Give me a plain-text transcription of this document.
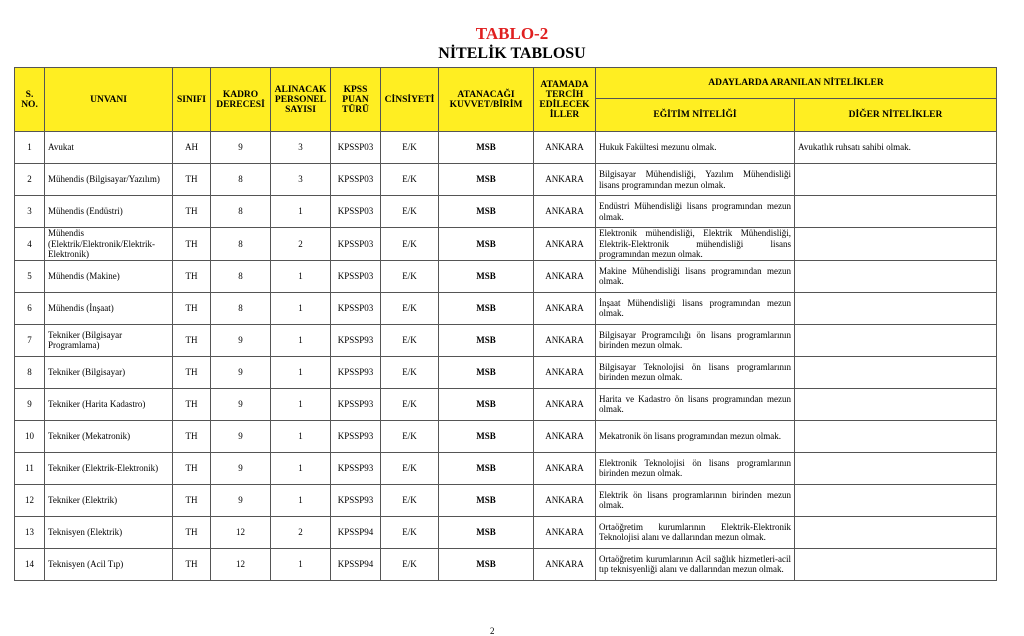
TABLO-2
NİTELİK TABLOSU
S. NO.	UNVANI	SINIFI	KADRO DERECESİ	ALINACAK PERSONEL SAYISI	KPSS PUAN TÜRÜ	CİNSİYETİ	ATANACAĞI KUVVET/BİRİM	ATAMADA TERCİH EDİLECEK İLLER	ADAYLARDA ARANILAN NİTELİKLER	
									EĞİTİM NİTELİĞİ	DİĞER NİTELİKLER
1	Avukat	AH	9	3	KPSSP03	E/K	MSB	ANKARA	Hukuk Fakültesi mezunu olmak.	Avukatlık ruhsatı sahibi olmak.
2	Mühendis (Bilgisayar/Yazılım)	TH	8	3	KPSSP03	E/K	MSB	ANKARA	Bilgisayar Mühendisliği, Yazılım Mühendisliği lisans programından mezun olmak.	
3	Mühendis (Endüstri)	TH	8	1	KPSSP03	E/K	MSB	ANKARA	Endüstri Mühendisliği lisans programından mezun olmak.	
4	Mühendis (Elektrik/Elektronik/Elektrik-Elektronik)	TH	8	2	KPSSP03	E/K	MSB	ANKARA	Elektronik mühendisliği, Elektrik Mühendisliği, Elektrik-Elektronik mühendisliği lisans programından mezun olmak.	
5	Mühendis (Makine)	TH	8	1	KPSSP03	E/K	MSB	ANKARA	Makine Mühendisliği lisans programından mezun olmak.	
6	Mühendis (İnşaat)	TH	8	1	KPSSP03	E/K	MSB	ANKARA	İnşaat Mühendisliği lisans programından mezun olmak.	
7	Tekniker (Bilgisayar Programlama)	TH	9	1	KPSSP93	E/K	MSB	ANKARA	Bilgisayar Programcılığı ön lisans programlarının birinden mezun olmak.	
8	Tekniker (Bilgisayar)	TH	9	1	KPSSP93	E/K	MSB	ANKARA	Bilgisayar Teknolojisi ön lisans programlarının birinden mezun olmak.	
9	Tekniker (Harita Kadastro)	TH	9	1	KPSSP93	E/K	MSB	ANKARA	Harita ve Kadastro ön lisans programından mezun olmak.	
10	Tekniker (Mekatronik)	TH	9	1	KPSSP93	E/K	MSB	ANKARA	Mekatronik ön lisans programından mezun olmak.	
11	Tekniker (Elektrik-Elektronik)	TH	9	1	KPSSP93	E/K	MSB	ANKARA	Elektronik Teknolojisi ön lisans programlarının birinden mezun olmak.	
12	Tekniker (Elektrik)	TH	9	1	KPSSP93	E/K	MSB	ANKARA	Elektrik ön lisans programlarının birinden mezun olmak.	
13	Teknisyen (Elektrik)	TH	12	2	KPSSP94	E/K	MSB	ANKARA	Ortaöğretim kurumlarının Elektrik-Elektronik Teknolojisi alanı ve dallarından mezun olmak.	
14	Teknisyen (Acil Tıp)	TH	12	1	KPSSP94	E/K	MSB	ANKARA	Ortaöğretim kurumlarının Acil sağlık hizmetleri-acil tıp teknisyenliği alanı ve dallarından mezun olmak.	
2
